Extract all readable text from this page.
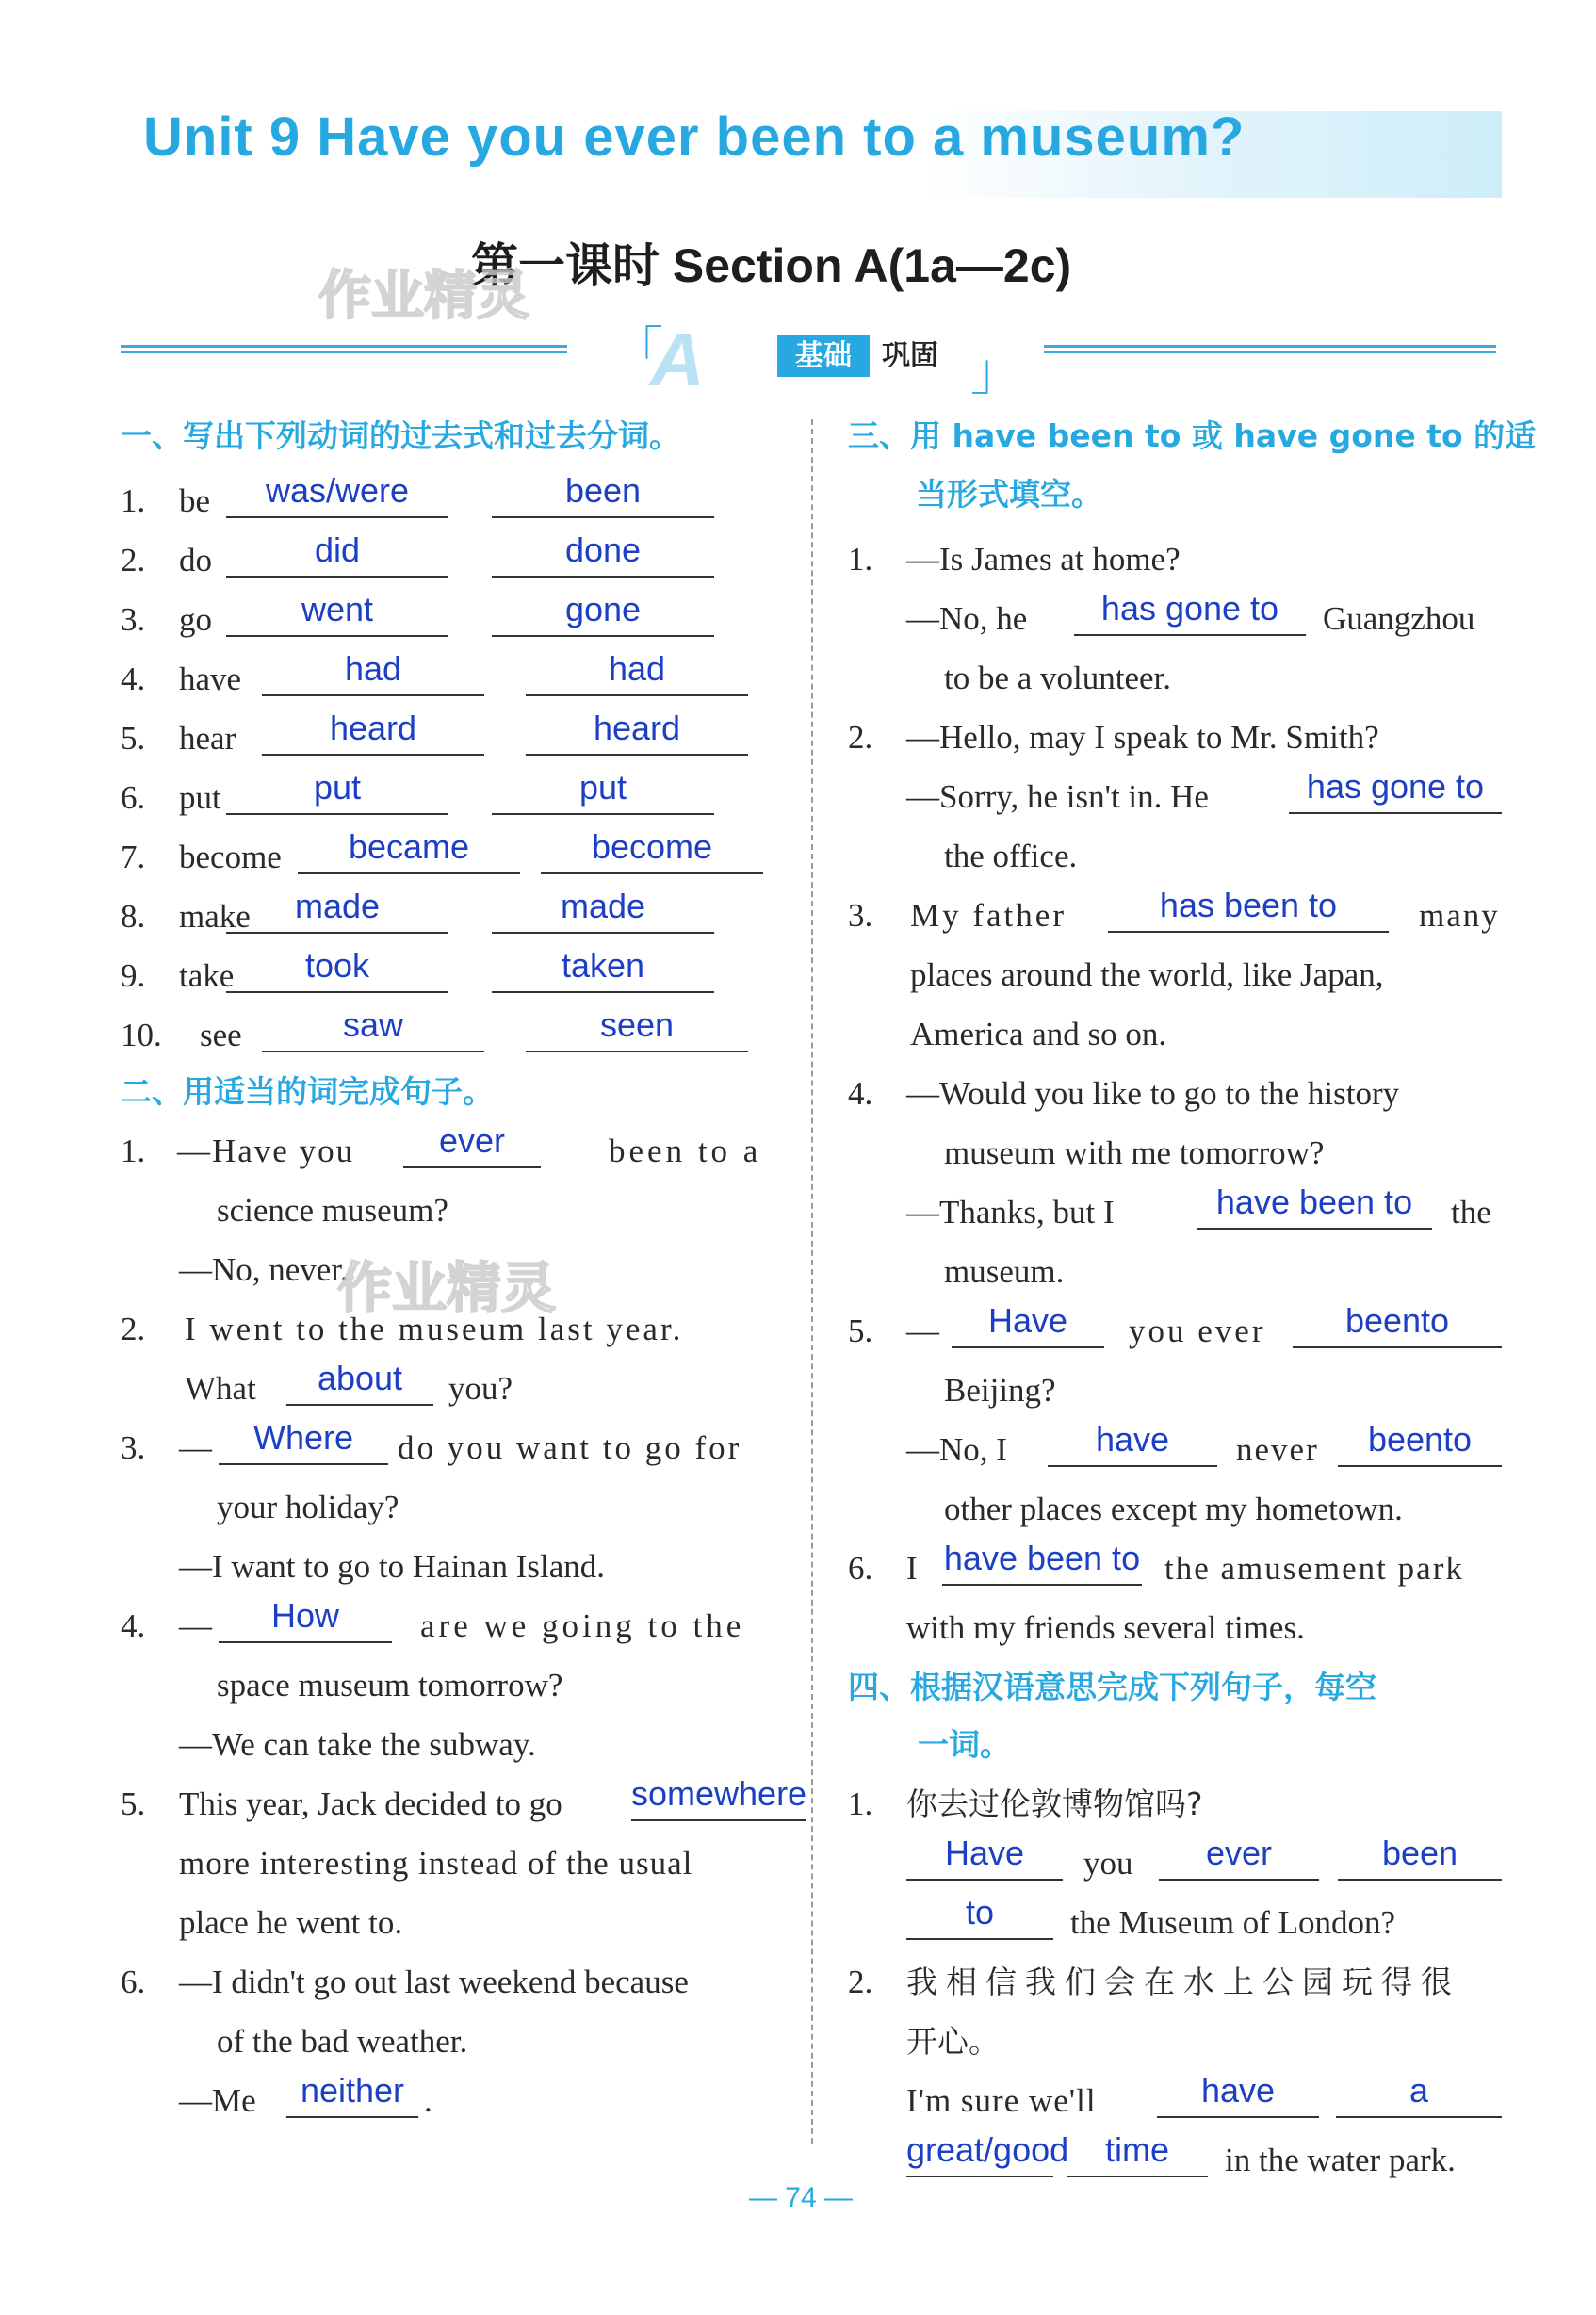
Unit 9 Have you ever been to a museum?
第一课时 Section A(1a—2c)
作业精灵
「
A	基础	巩固 」
一、写出下列动词的过去式和过去分词。
1. be	was/were	been
2. do	did	done
3. go	went	gone
4. have	had	had
5. hear	heard	heard
6. put	put	put
7. become	became	become
8. make	made	made
9. take	took	taken
10. see	saw	seen
二、用适当的词完成句子。
1. —Have you	ever	been to a
science museum?
—No, never.
2. I went to the museum last year.
What	about	you?
3. —	Where	do you want to go for
your holiday?
—I want to go to Hainan Island.
4. —	How	are we going to the
space museum tomorrow?
—We can take the subway.
5. This year, Jack decided to go somewhere
more interesting instead of the usual
place he went to.
6. —I didn't go out last weekend because
of the bad weather.
—Me	neither .
作业精灵
三、用 have been to 或 have gone to 的适
当形式填空。
1. —Is James at home?
—No, he	has gone to	Guangzhou
to be a volunteer.
2. —Hello, may I speak to Mr. Smith?
—Sorry, he isn't in. He	has gone to
the office.
3. My father	has been to	many
places around the world, like Japan,
America and so on.
4. —Would you like to go to the history
museum with me tomorrow?
—Thanks, but I	have been to	the
museum.
5. —	Have	you ever	beento
Beijing?
—No, I	have	never	beento
other places except my hometown.
6. I have been to the amusement park
with my friends several times.
四、根据汉语意思完成下列句子，每空
一词。
1. 你去过伦敦博物馆吗?
Have	you	ever	been
to	the Museum of London?
2. 我相信我们会在水上公园玩得很
开心。
I'm sure we'll	have	a
great/good	time	in the water park.
— 74 —
